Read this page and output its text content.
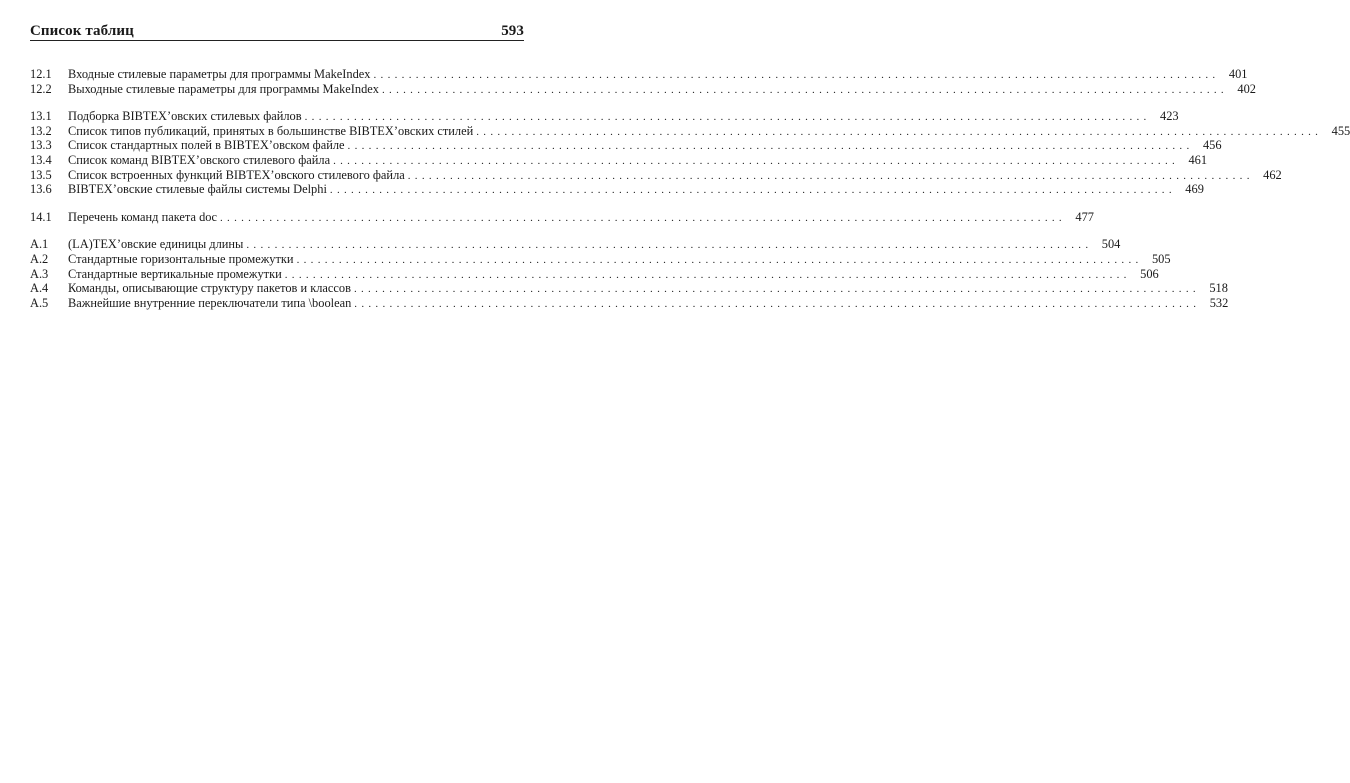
Список таблиц	593
12.1	Входные стилевые параметры для программы MakeIndex ........................................................................................................................ 401
12.2	Выходные стилевые параметры для программы MakeIndex ........................................................................................................................ 402
13.1	Подборка BIBTEX’овских стилевых файлов ........................................................................................................................ 423
13.2	Список типов публикаций, принятых в большинстве BIBTEX’овских стилей ........................................................................................................................ 455
13.3	Список стандартных полей в BIBTEX’овском файле ........................................................................................................................ 456
13.4	Список команд BIBTEX’овского стилевого файла ........................................................................................................................ 461
13.5	Список встроенных функций BIBTEX’овского стилевого файла ........................................................................................................................ 462
13.6	BIBTEX’овские стилевые файлы системы Delphi ........................................................................................................................ 469
14.1	Перечень команд пакета doc ........................................................................................................................ 477
A.1	(LA)TEX’овские единицы длины ........................................................................................................................ 504
A.2	Стандартные горизонтальные промежутки ........................................................................................................................ 505
A.3	Стандартные вертикальные промежутки ........................................................................................................................ 506
A.4	Команды, описывающие структуру пакетов и классов ........................................................................................................................ 518
A.5	Важнейшие внутренние переключатели типа \boolean ........................................................................................................................ 532
